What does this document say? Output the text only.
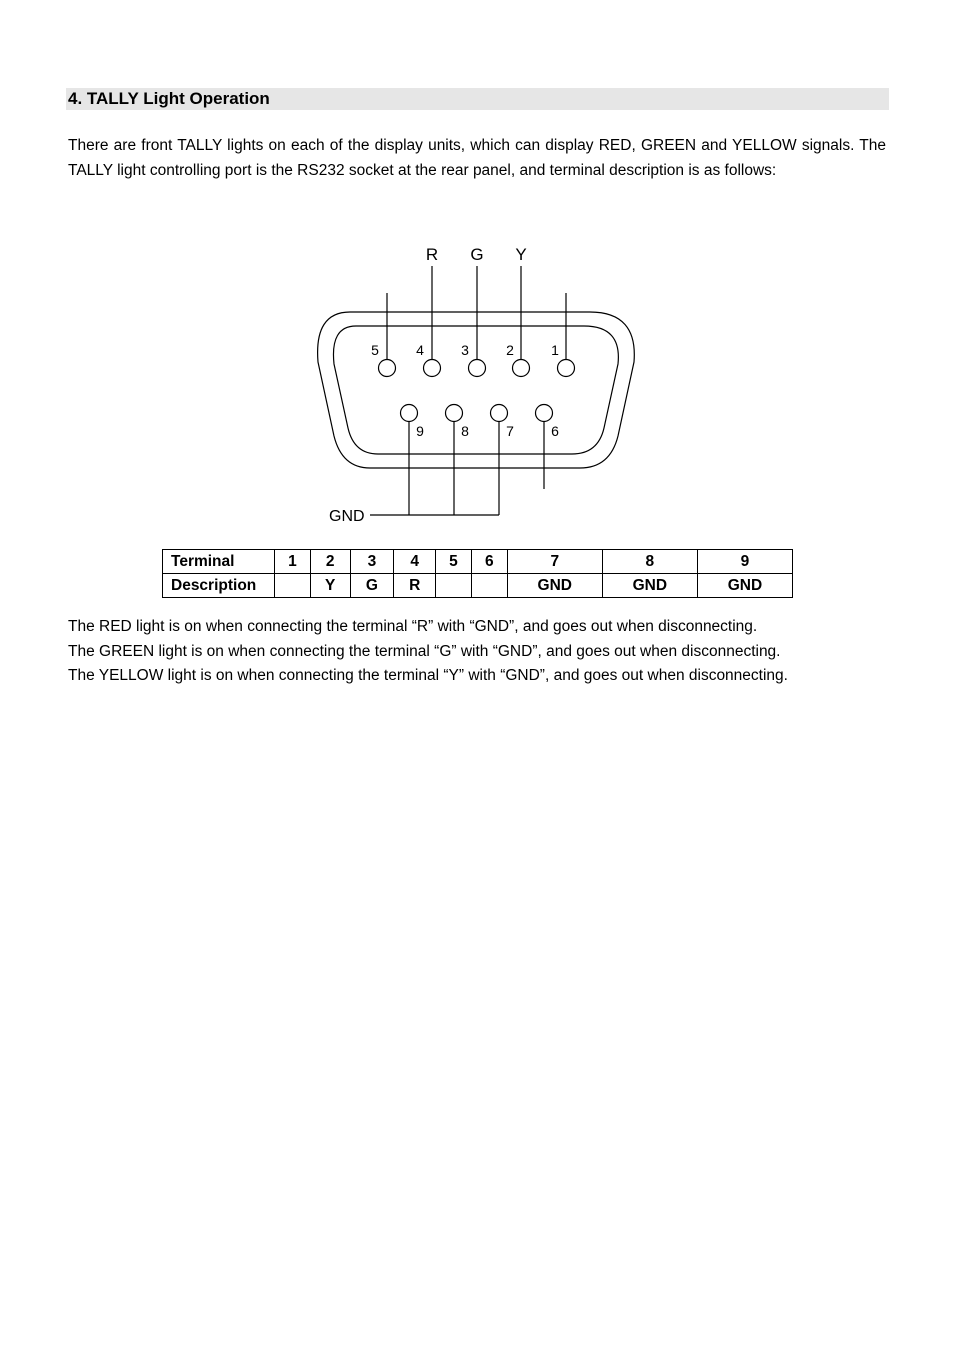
4. TALLY Light Operation

There are front TALLY lights on each of the display units, which can display RED, GREEN and YELLOW signals. The TALLY light controlling port is the RS232 socket at the rear panel, and terminal description is as follows:

R G Y
5	4	3	2	1
9	8	7	6
GND
Terminal	1	2	3	4	5	6	7	8	9
Description		Y	G	R			GND	GND	GND

The RED light is on when connecting the terminal “R” with “GND”, and goes out when disconnecting.

The GREEN light is on when connecting the terminal “G” with “GND”, and goes out when disconnecting.

The YELLOW light is on when connecting the terminal “Y” with “GND”, and goes out when disconnecting.
